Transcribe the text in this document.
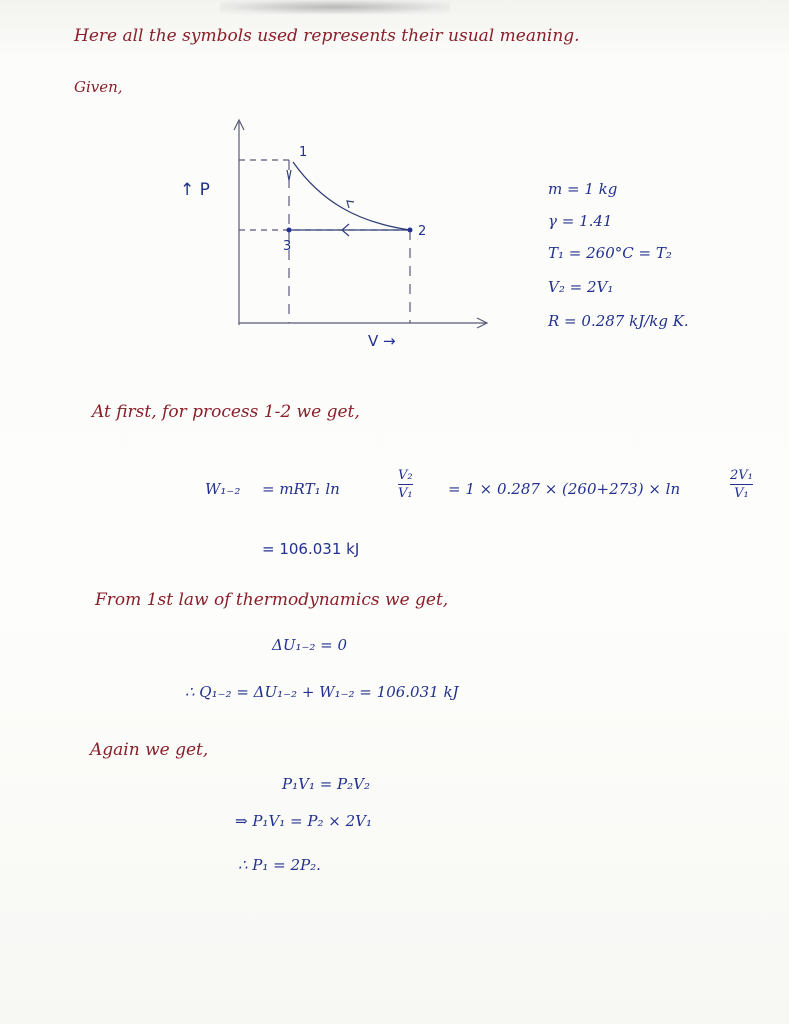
Here all the symbols used represents their usual meaning.
Given,
1
2
3
↑ P
V →
m = 1 kg
γ = 1.41
T₁ = 260°C = T₂
V₂ = 2V₁
R = 0.287 kJ/kg K.
At first, for process 1-2 we get,
W₁₋₂ = mRT₁ ln
V₂
V₁ = 1 × 0.287 × (260+273) × ln
2V₁
V₁
= 106.031 kJ
From 1st law of thermodynamics we get,
ΔU₁₋₂ = 0
∴ Q₁₋₂ = ΔU₁₋₂ + W₁₋₂ = 106.031 kJ
Again we get,
P₁V₁ = P₂V₂
⇒ P₁V₁ = P₂ × 2V₁
∴ P₁ = 2P₂.
